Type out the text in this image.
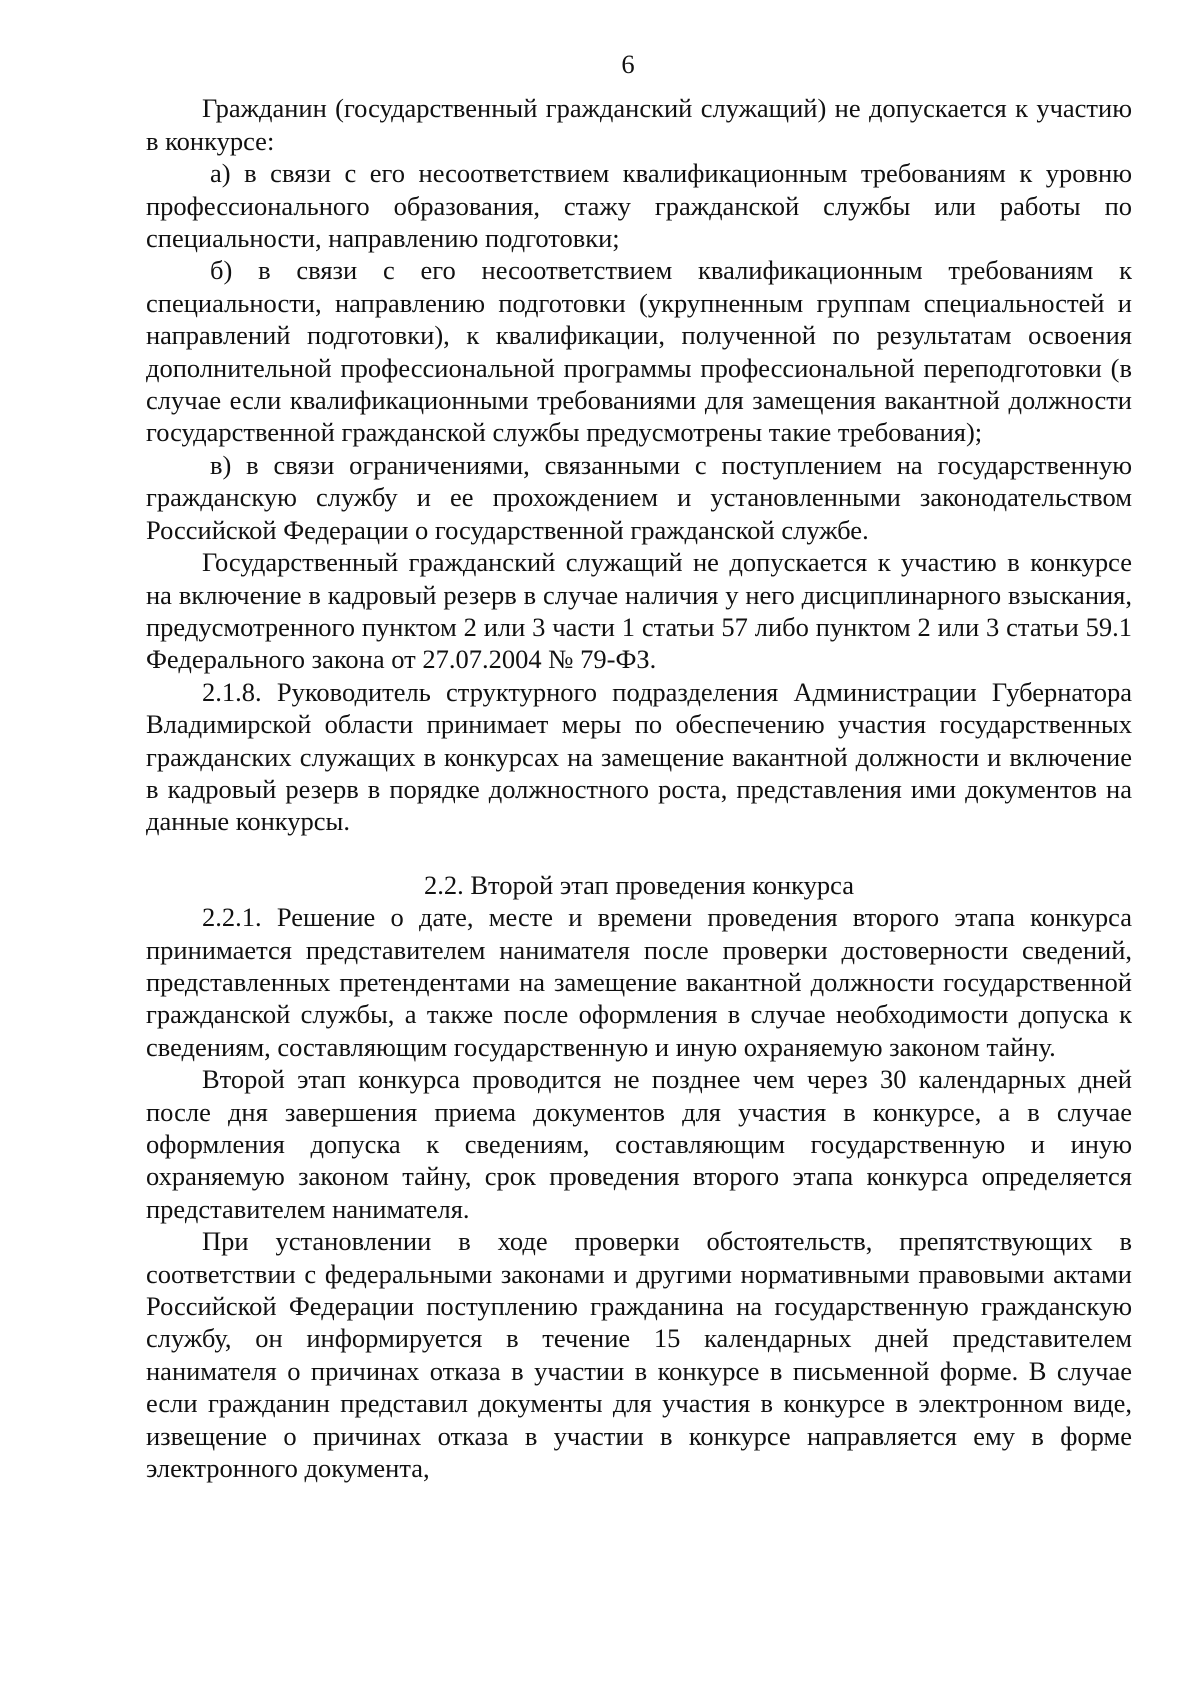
6

Гражданин (государственный гражданский служащий) не допускается к участию в конкурсе:

а) в связи с его несоответствием квалификационным требованиям к уровню профессионального образования, стажу гражданской службы или работы по специальности, направлению подготовки;

б) в связи с его несоответствием квалификационным требованиям к специальности, направлению подготовки (укрупненным группам специальностей и направлений подготовки), к квалификации, полученной по результатам освоения дополнительной профессиональной программы профессиональной переподготовки (в случае если квалификационными требованиями для замещения вакантной должности государственной гражданской службы предусмотрены такие требования);

в) в связи ограничениями, связанными с поступлением на государственную гражданскую службу и ее прохождением и установленными законодательством Российской Федерации о государственной гражданской службе.

Государственный гражданский служащий не допускается к участию в конкурсе на включение в кадровый резерв в случае наличия у него дисциплинарного взыскания, предусмотренного пунктом 2 или 3 части 1 статьи 57 либо пунктом 2 или 3 статьи 59.1 Федерального закона от 27.07.2004 № 79-ФЗ.

2.1.8. Руководитель структурного подразделения Администрации Губернатора Владимирской области принимает меры по обеспечению участия государственных гражданских служащих в конкурсах на замещение вакантной должности и включение в кадровый резерв в порядке должностного роста, представления ими документов на данные конкурсы.

2.2. Второй этап проведения конкурса

2.2.1. Решение о дате, месте и времени проведения второго этапа конкурса принимается представителем нанимателя после проверки достоверности сведений, представленных претендентами на замещение вакантной должности государственной гражданской службы, а также после оформления в случае необходимости допуска к сведениям, составляющим государственную и иную охраняемую законом тайну.

Второй этап конкурса проводится не позднее чем через 30 календарных дней после дня завершения приема документов для участия в конкурсе, а в случае оформления допуска к сведениям, составляющим государственную и иную охраняемую законом тайну, срок проведения второго этапа конкурса определяется представителем нанимателя.

При установлении в ходе проверки обстоятельств, препятствующих в соответствии с федеральными законами и другими нормативными правовыми актами Российской Федерации поступлению гражданина на государственную гражданскую службу, он информируется в течение 15 календарных дней представителем нанимателя о причинах отказа в участии в конкурсе в письменной форме. В случае если гражданин представил документы для участия в конкурсе в электронном виде, извещение о причинах отказа в участии в конкурсе направляется ему в форме электронного документа,
